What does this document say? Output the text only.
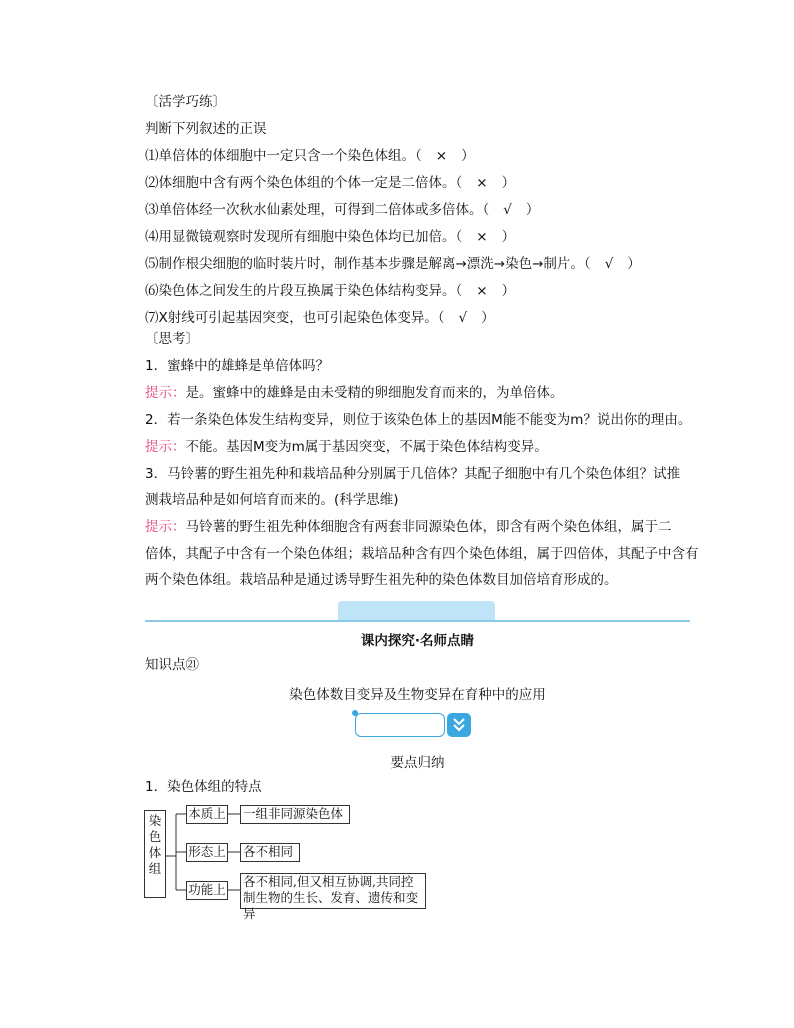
〔活学巧练〕
判断下列叙述的正误
⑴单倍体的体细胞中一定只含一个染色体组。（ × ）
⑵体细胞中含有两个染色体组的个体一定是二倍体。（ × ）
⑶单倍体经一次秋水仙素处理，可得到二倍体或多倍体。（ √ ）
⑷用显微镜观察时发现所有细胞中染色体均已加倍。（ × ）
⑸制作根尖细胞的临时装片时，制作基本步骤是解离→漂洗→染色→制片。（ √ ）
⑹染色体之间发生的片段互换属于染色体结构变异。（ × ）
⑺X射线可引起基因突变，也可引起染色体变异。（ √ ）
〔思考〕
1．蜜蜂中的雄蜂是单倍体吗？
提示：是。蜜蜂中的雄蜂是由未受精的卵细胞发育而来的，为单倍体。
2．若一条染色体发生结构变异，则位于该染色体上的基因M能不能变为m？说出你的理由。
提示：不能。基因M变为m属于基因突变，不属于染色体结构变异。
3．马铃薯的野生祖先种和栽培品种分别属于几倍体？其配子细胞中有几个染色体组？试推
测栽培品种是如何培育而来的。(科学思维)
提示：马铃薯的野生祖先种体细胞含有两套非同源染色体，即含有两个染色体组，属于二
倍体，其配子中含有一个染色体组；栽培品种含有四个染色体组，属于四倍体，其配子中含有
两个染色体组。栽培品种是通过诱导野生祖先种的染色体数目加倍培育形成的。
课内探究·名师点睛
知识点㉑
染色体数目变异及生物变异在育种中的应用
要点归纳
1．染色体组的特点
染
色
体
组
本质上 一组非同源染色体
形态上 各不相同
功能上
各不相同,但又相互协调,共同控
制生物的生长、发育、遗传和变异
